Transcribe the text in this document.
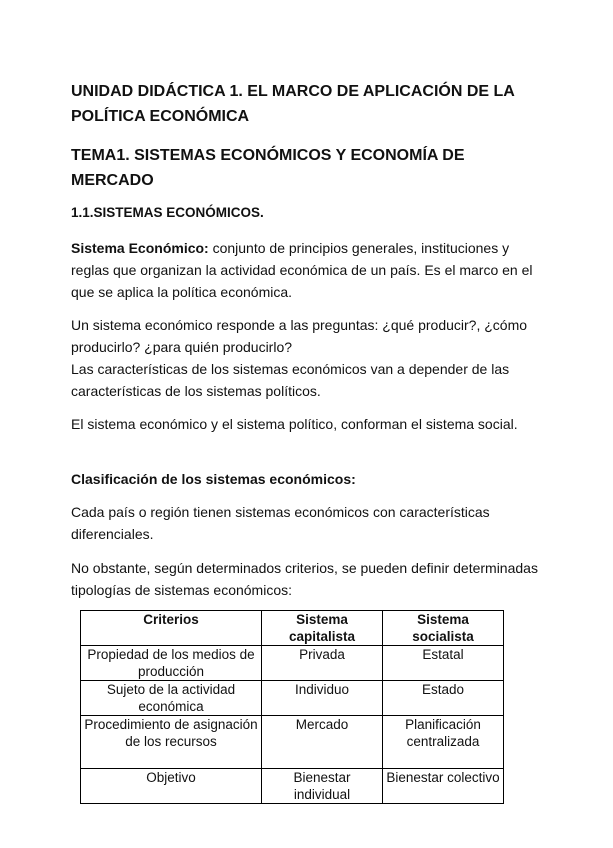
UNIDAD DIDÁCTICA 1. EL MARCO DE APLICACIÓN DE LA POLÍTICA ECONÓMICA
TEMA1. SISTEMAS ECONÓMICOS Y ECONOMÍA DE MERCADO
1.1.SISTEMAS ECONÓMICOS.
Sistema Económico: conjunto de principios generales, instituciones y reglas que organizan la actividad económica de un país. Es el marco en el que se aplica la política económica.
Un sistema económico responde a las preguntas: ¿qué producir?, ¿cómo producirlo? ¿para quién producirlo?
Las características de los sistemas económicos van a depender de las características de los sistemas políticos.
El sistema económico y el sistema político, conforman el sistema social.
Clasificación de los sistemas económicos:
Cada país o región tienen sistemas económicos con características diferenciales.
No obstante, según determinados criterios, se pueden definir determinadas tipologías de sistemas económicos:
Criterios	Sistema capitalista	Sistema socialista
Propiedad de los medios de producción	Privada	Estatal
Sujeto de la actividad económica	Individuo	Estado
Procedimiento de asignación de los recursos	Mercado	Planificación centralizada
Objetivo	Bienestar individual	Bienestar colectivo
